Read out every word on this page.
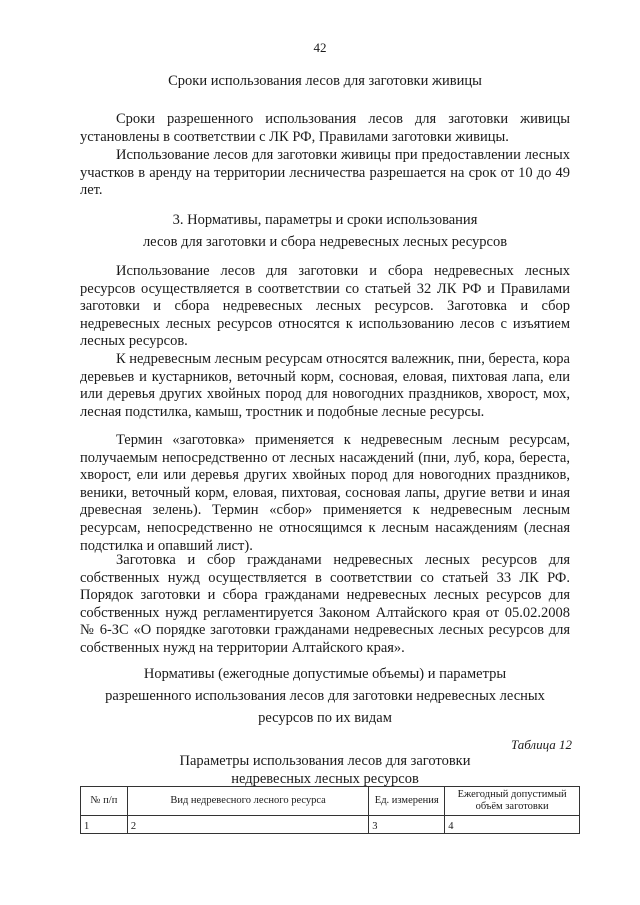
42
Сроки использования лесов для заготовки живицы

Сроки разрешенного использования лесов для заготовки живицы установлены в соответствии с ЛК РФ, Правилами заготовки живицы.

Использование лесов для заготовки живицы при предоставлении лесных участков в аренду на территории лесничества разрешается на срок от 10 до 49 лет.

3. Нормативы, параметры и сроки использования
лесов для заготовки и сбора недревесных лесных ресурсов

Использование лесов для заготовки и сбора недревесных лесных ресурсов осуществляется в соответствии со статьей 32 ЛК РФ и Правилами заготовки и сбора недревесных лесных ресурсов. Заготовка и сбор недревесных лесных ресурсов относятся к использованию лесов с изъятием лесных ресурсов.

К недревесным лесным ресурсам относятся валежник, пни, береста, кора деревьев и кустарников, веточный корм, сосновая, еловая, пихтовая лапа, ели или деревья других хвойных пород для новогодних праздников, хворост, мох, лесная подстилка, камыш, тростник и подобные лесные ресурсы.

Термин «заготовка» применяется к недревесным лесным ресурсам, получаемым непосредственно от лесных насаждений (пни, луб, кора, береста, хворост, ели или деревья других хвойных пород для новогодних праздников, веники, веточный корм, еловая, пихтовая, сосновая лапы, другие ветви и иная древесная зелень). Термин «сбор» применяется к недревесным лесным ресурсам, непосредственно не относящимся к лесным насаждениям (лесная подстилка и опавший лист).

Заготовка и сбор гражданами недревесных лесных ресурсов для собственных нужд осуществляется в соответствии со статьей 33 ЛК РФ. Порядок заготовки и сбора гражданами недревесных лесных ресурсов для собственных нужд регламентируется Законом Алтайского края от 05.02.2008 № 6-ЗС «О порядке заготовки гражданами недревесных лесных ресурсов для собственных нужд на территории Алтайского края».

Нормативы (ежегодные допустимые объемы) и параметры
разрешенного использования лесов для заготовки недревесных лесных
ресурсов по их видам
Таблица 12
Параметры использования лесов для заготовки
недревесных лесных ресурсов
№ п/п	Вид недревесного лесного ресурса	Ед. измерения	Ежегодный допустимый объём заготовки
1	2	3	4
